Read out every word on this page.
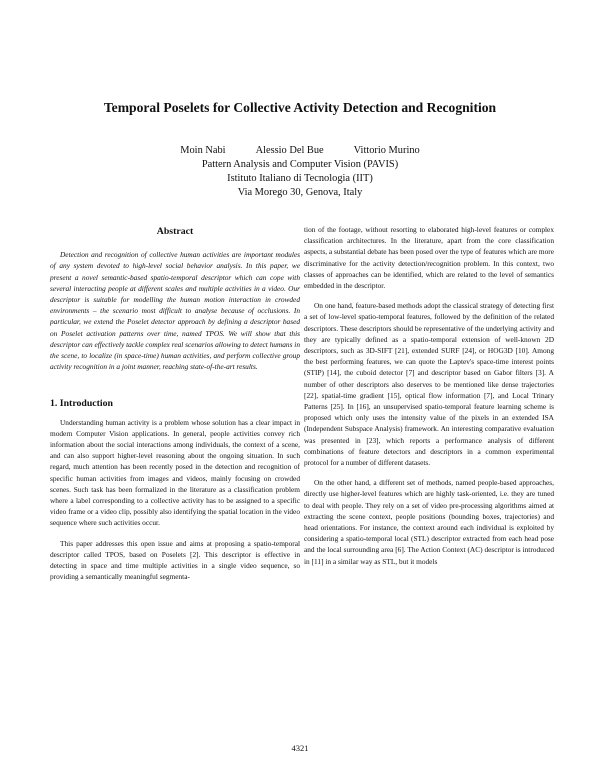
Temporal Poselets for Collective Activity Detection and Recognition
Moin Nabi	Alessio Del Bue	Vittorio Murino
Pattern Analysis and Computer Vision (PAVIS)
Istituto Italiano di Tecnologia (IIT)
Via Morego 30, Genova, Italy
Abstract

Detection and recognition of collective human activities are important modules of any system devoted to high-level social behavior analysis. In this paper, we present a novel semantic-based spatio-temporal descriptor which can cope with several interacting people at different scales and multiple activities in a video. Our descriptor is suitable for modelling the human motion interaction in crowded environments – the scenario most difficult to analyse because of occlusions. In particular, we extend the Poselet detector approach by defining a descriptor based on Poselet activation patterns over time, named TPOS. We will show that this descriptor can effectively tackle complex real scenarios allowing to detect humans in the scene, to localize (in space-time) human activities, and perform collective group activity recognition in a joint manner, reaching state-of-the-art results.

1. Introduction

Understanding human activity is a problem whose solution has a clear impact in modern Computer Vision applications. In general, people activities convey rich information about the social interactions among individuals, the context of a scene, and can also support higher-level reasoning about the ongoing situation. In such regard, much attention has been recently posed in the detection and recognition of specific human activities from images and videos, mainly focusing on crowded scenes. Such task has been formalized in the literature as a classification problem where a label corresponding to a collective activity has to be assigned to a specific video frame or a video clip, possibly also identifying the spatial location in the video sequence where such activities occur.

This paper addresses this open issue and aims at proposing a spatio-temporal descriptor called TPOS, based on Poselets [2]. This descriptor is effective in detecting in space and time multiple activities in a single video sequence, so providing a semantically meaningful segmenta-

tion of the footage, without resorting to elaborated high-level features or complex classification architectures. In the literature, apart from the core classification aspects, a substantial debate has been posed over the type of features which are more discriminative for the activity detection/recognition problem. In this context, two classes of approaches can be identified, which are related to the level of semantics embedded in the descriptor.

On one hand, feature-based methods adopt the classical strategy of detecting first a set of low-level spatio-temporal features, followed by the definition of the related descriptors. These descriptors should be representative of the underlying activity and they are typically defined as a spatio-temporal extension of well-known 2D descriptors, such as 3D-SIFT [21], extended SURF [24], or HOG3D [10]. Among the best performing features, we can quote the Laptev's space-time interest points (STIP) [14], the cuboid detector [7] and descriptor based on Gabor filters [3]. A number of other descriptors also deserves to be mentioned like dense trajectories [22], spatial-time gradient [15], optical flow information [7], and Local Trinary Patterns [25]. In [16], an unsupervised spatio-temporal feature learning scheme is proposed which only uses the intensity value of the pixels in an extended ISA (Independent Subspace Analysis) framework. An interesting comparative evaluation was presented in [23], which reports a performance analysis of different combinations of feature detectors and descriptors in a common experimental protocol for a number of different datasets.

On the other hand, a different set of methods, named people-based approaches, directly use higher-level features which are highly task-oriented, i.e. they are tuned to deal with people. They rely on a set of video pre-processing algorithms aimed at extracting the scene context, people positions (bounding boxes, trajectories) and head orientations. For instance, the context around each individual is exploited by considering a spatio-temporal local (STL) descriptor extracted from each head pose and the local surrounding area [6]. The Action Context (AC) descriptor is introduced in [11] in a similar way as STL, but it models

4321
